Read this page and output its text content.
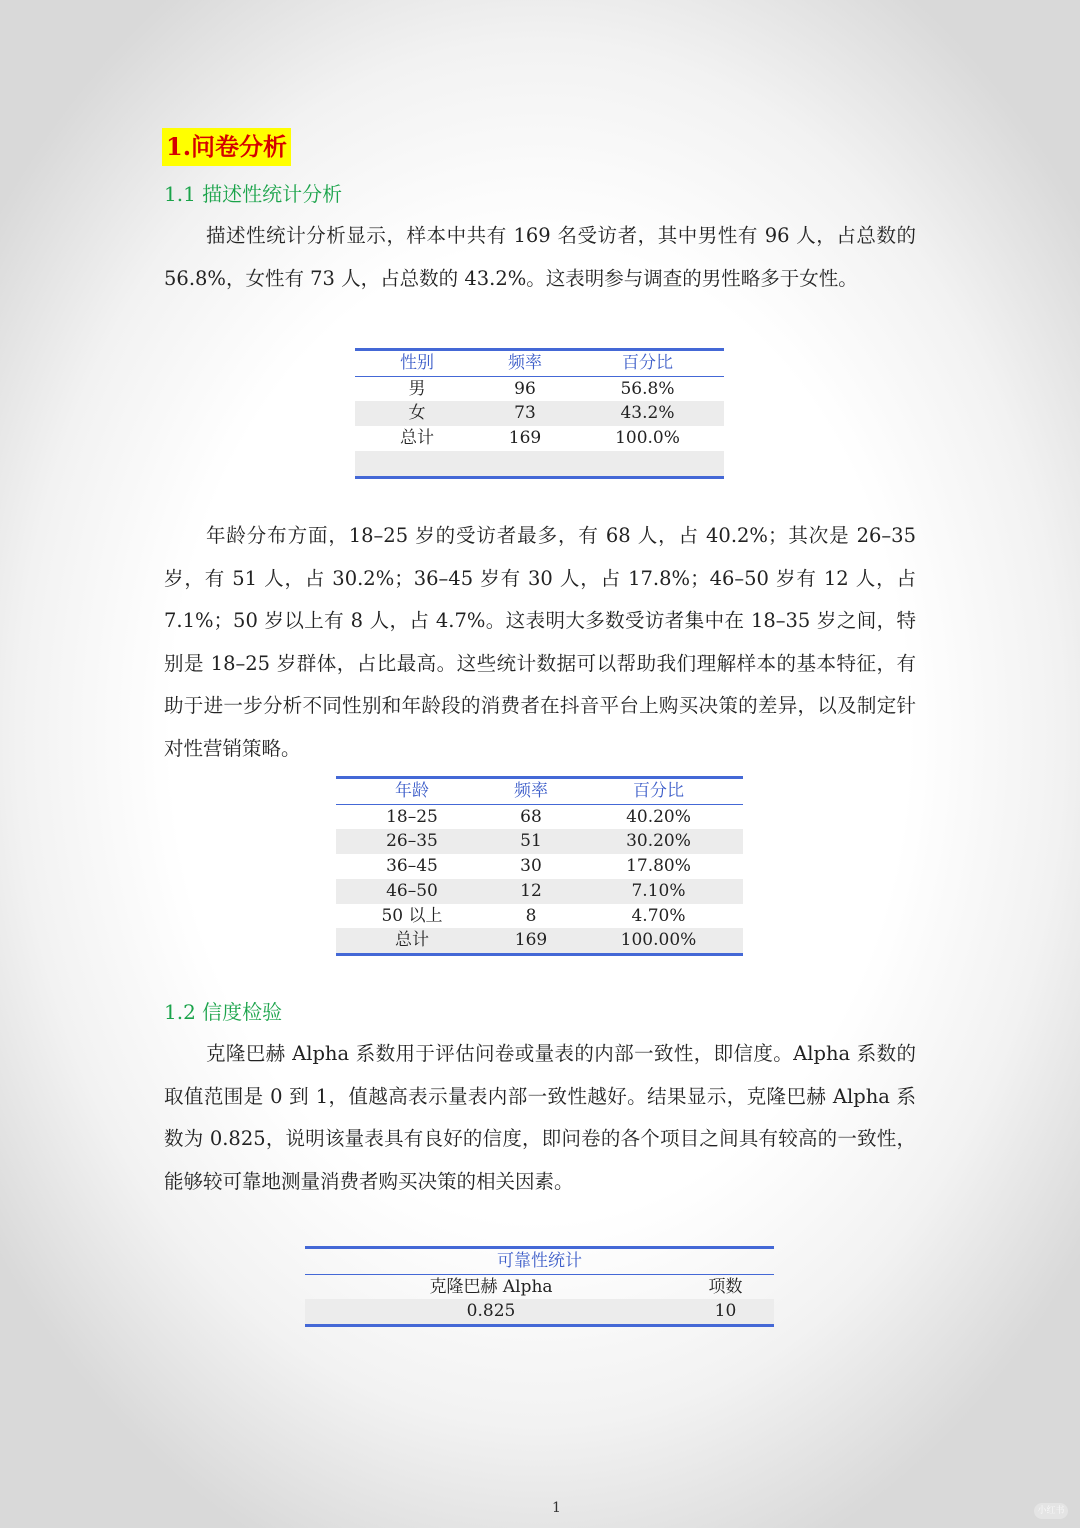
1.问卷分析
1.1 描述性统计分析

描述性统计分析显示，样本中共有 169 名受访者，其中男性有 96 人，占总数的 56.8%，女性有 73 人，占总数的 43.2%。这表明参与调查的男性略多于女性。

性别	频率	百分比
男	96	56.8%
女	73	43.2%
总计	169	100.0%

年龄分布方面，18–25 岁的受访者最多，有 68 人，占 40.2%；其次是 26–35 岁，有 51 人，占 30.2%；36–45 岁有 30 人，占 17.8%；46–50 岁有 12 人，占 7.1%；50 岁以上有 8 人，占 4.7%。这表明大多数受访者集中在 18–35 岁之间，特别是 18–25 岁群体，占比最高。这些统计数据可以帮助我们理解样本的基本特征，有助于进一步分析不同性别和年龄段的消费者在抖音平台上购买决策的差异，以及制定针对性营销策略。

年龄	频率	百分比
18–25	68	40.20%
26–35	51	30.20%
36–45	30	17.80%
46–50	12	7.10%
50 以上	8	4.70%
总计	169	100.00%
1.2 信度检验

克隆巴赫 Alpha 系数用于评估问卷或量表的内部一致性，即信度。Alpha 系数的取值范围是 0 到 1，值越高表示量表内部一致性越好。结果显示，克隆巴赫 Alpha 系数为 0.825，说明该量表具有良好的信度，即问卷的各个项目之间具有较高的一致性，能够较可靠地测量消费者购买决策的相关因素。

可靠性统计	
克隆巴赫 Alpha	项数
0.825	10
1	小红书
